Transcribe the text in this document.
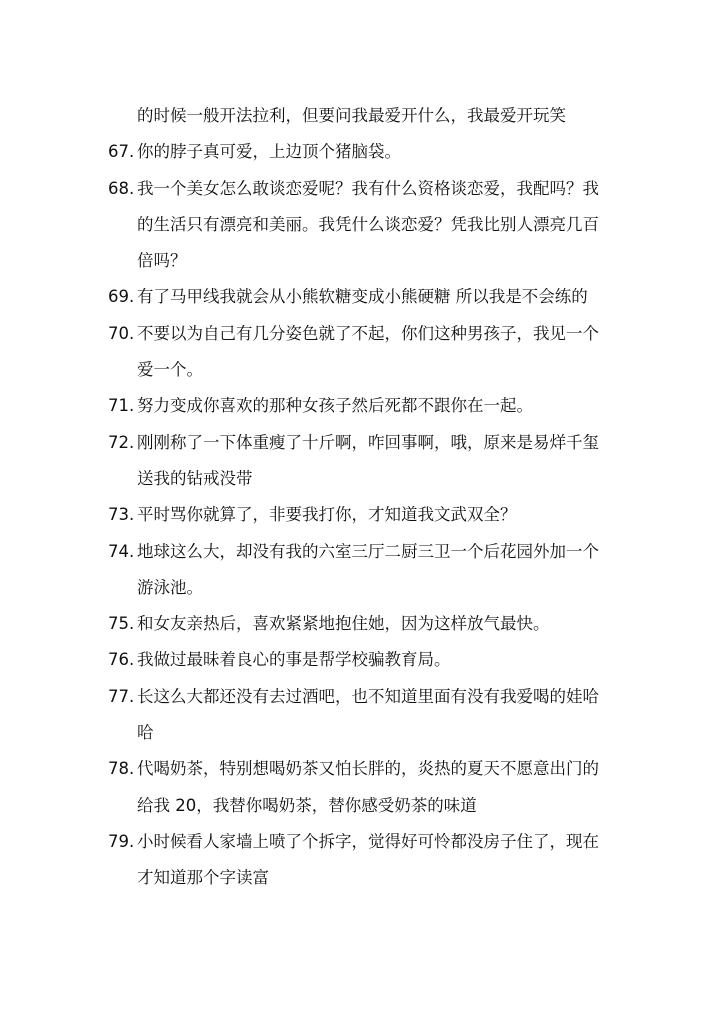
的时候一般开法拉利，但要问我最爱开什么，我最爱开玩笑
67. 你的脖子真可爱，上边顶个猪脑袋。
68. 我一个美女怎么敢谈恋爱呢？我有什么资格谈恋爱，我配吗？我
的生活只有漂亮和美丽。我凭什么谈恋爱？凭我比别人漂亮几百
倍吗？
69. 有了马甲线我就会从小熊软糖变成小熊硬糖 所以我是不会练的
70. 不要以为自己有几分姿色就了不起，你们这种男孩子，我见一个
爱一个。
71. 努力变成你喜欢的那种女孩子然后死都不跟你在一起。
72. 刚刚称了一下体重瘦了十斤啊，咋回事啊，哦，原来是易烊千玺
送我的钻戒没带
73. 平时骂你就算了，非要我打你，才知道我文武双全？
74. 地球这么大，却没有我的六室三厅二厨三卫一个后花园外加一个
游泳池。
75. 和女友亲热后，喜欢紧紧地抱住她，因为这样放气最快。
76. 我做过最昧着良心的事是帮学校骗教育局。
77. 长这么大都还没有去过酒吧，也不知道里面有没有我爱喝的娃哈
哈
78. 代喝奶茶，特别想喝奶茶又怕长胖的，炎热的夏天不愿意出门的
给我 20，我替你喝奶茶，替你感受奶茶的味道
79. 小时候看人家墙上喷了个拆字，觉得好可怜都没房子住了，现在
才知道那个字读富
